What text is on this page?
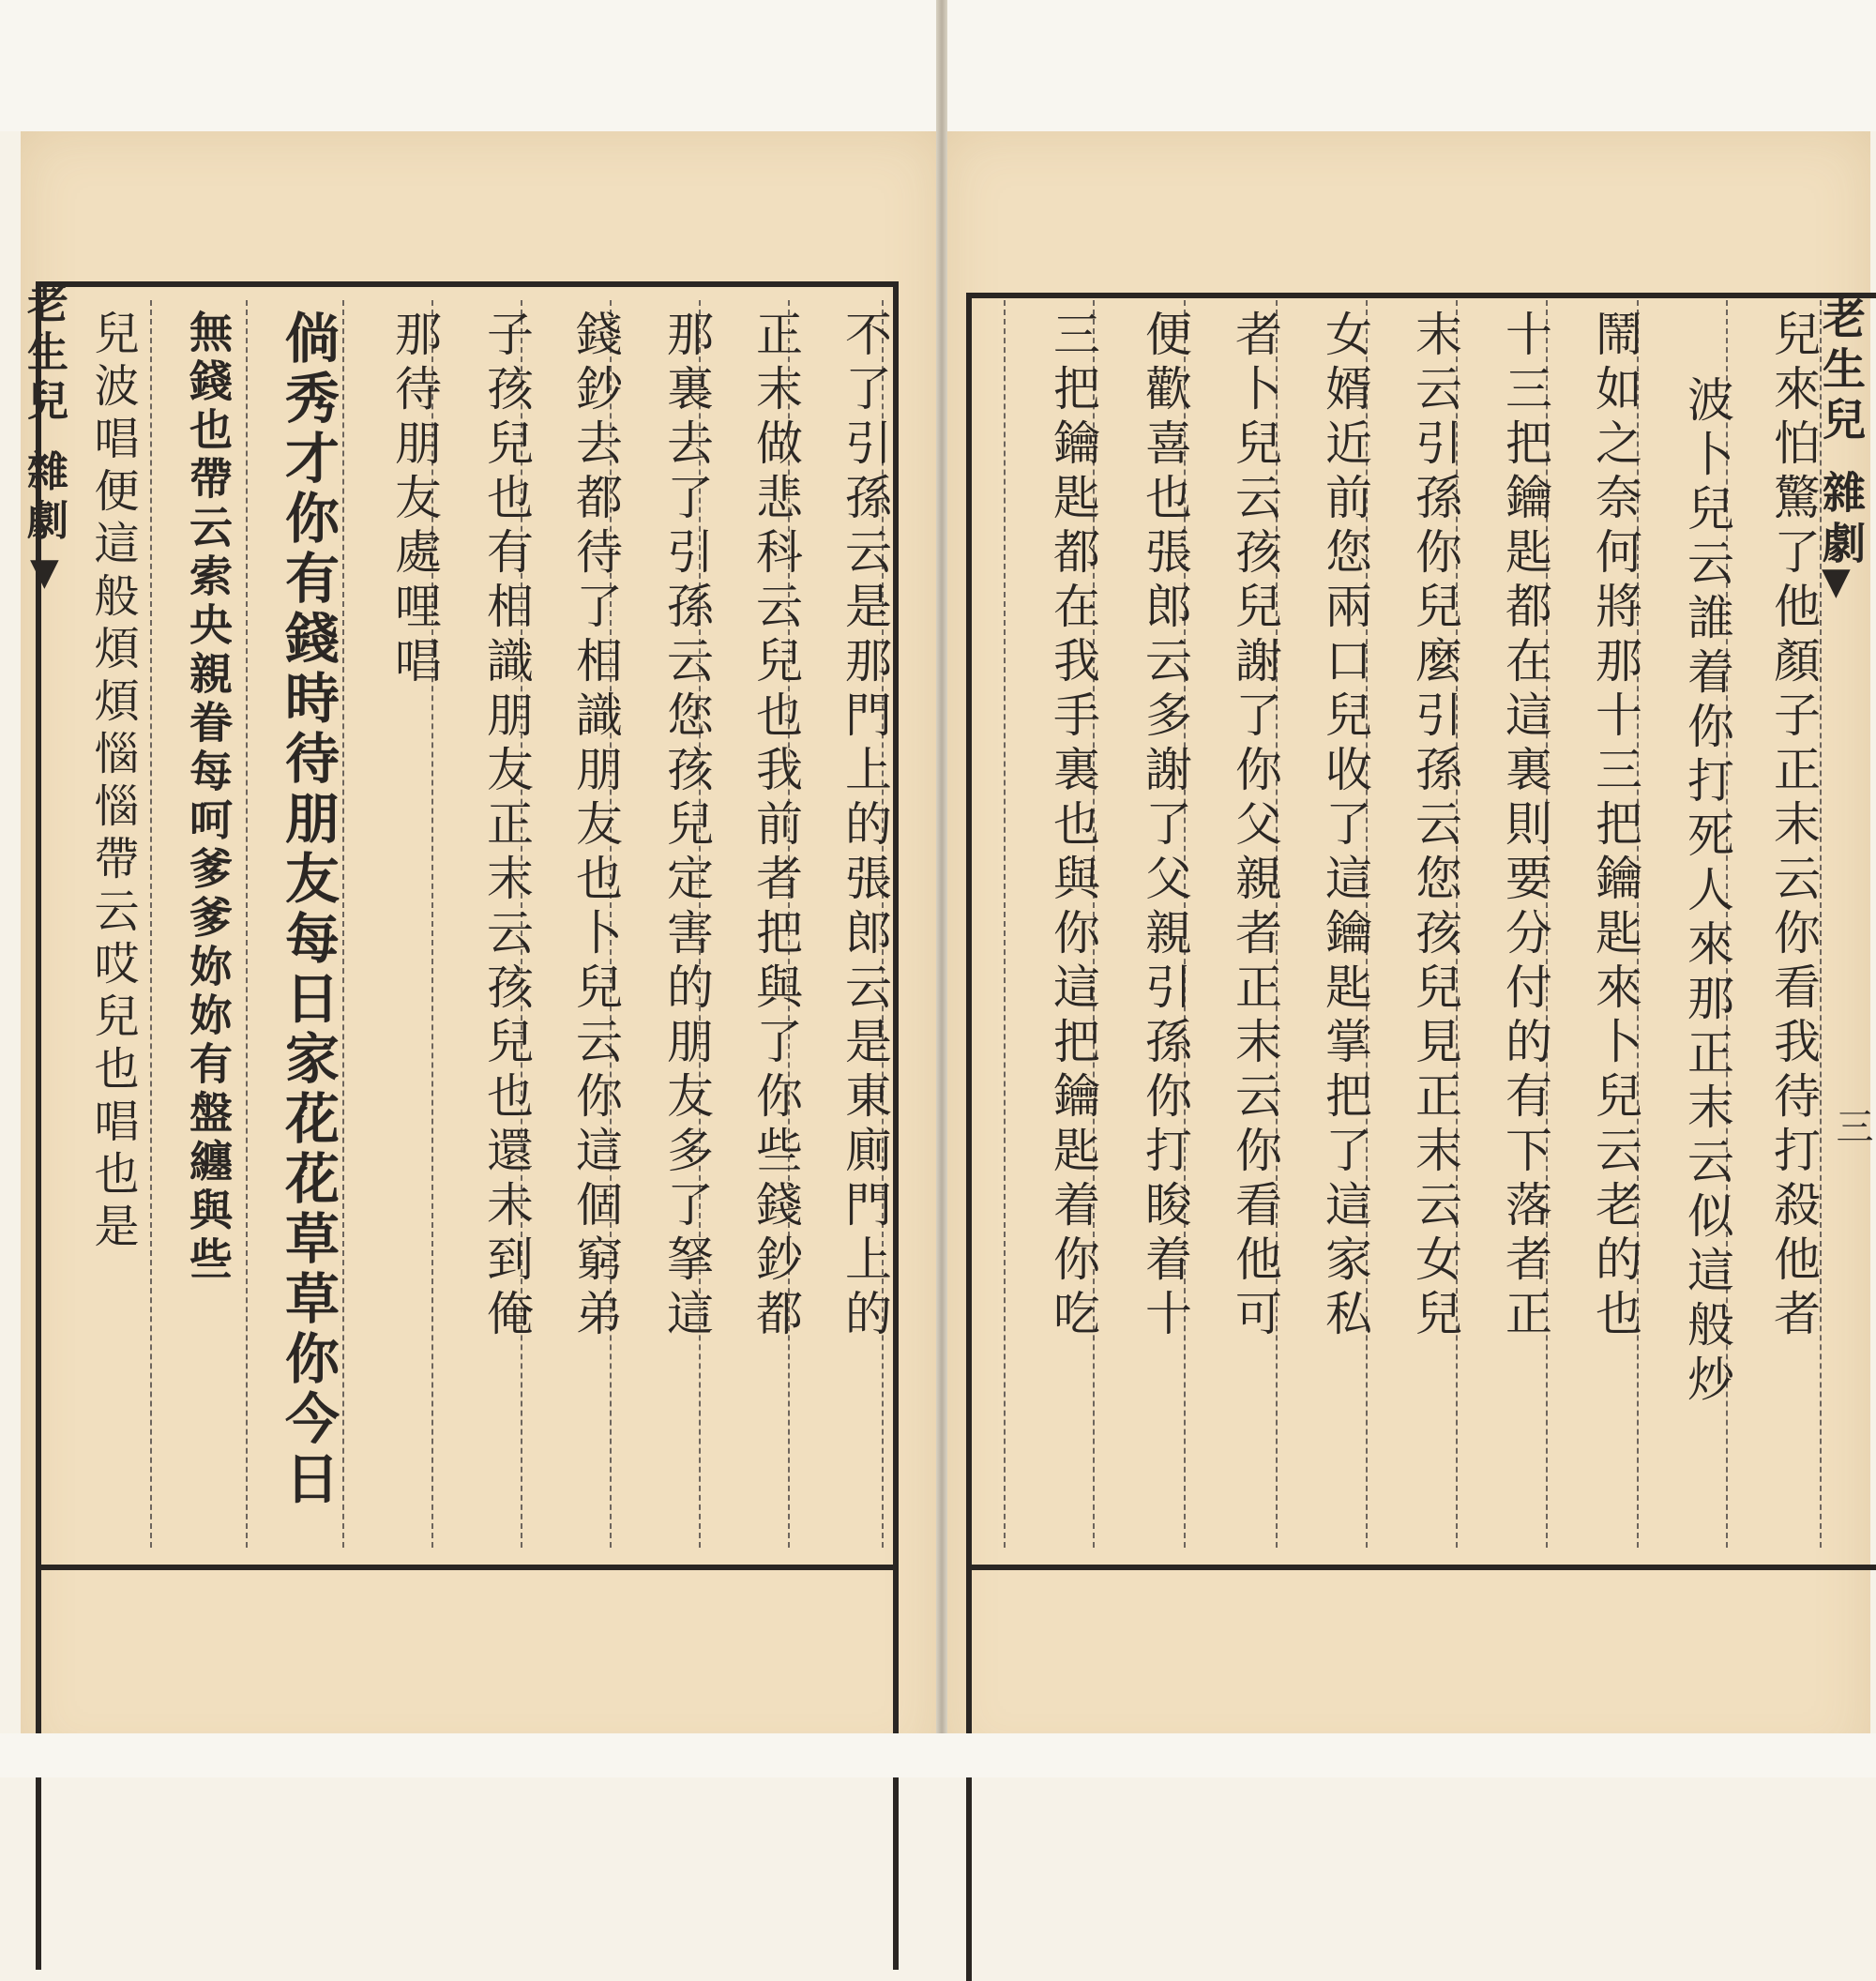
不了引孫云是那門上的張郎云是東廁門上的
正末做悲科云兒也我前者把與了你些錢鈔都
那裏去了引孫云您孩兒定害的朋友多了拏這
錢鈔去都待了相識朋友也卜兒云你這個窮弟
子孩兒也有相識朋友正末云孩兒也還未到俺
那待朋友處哩唱
倘秀才你有錢時待朋友每日家花花草草你今日
無錢也帶云索央親眷每呵爹爹妳妳有盤纏與些
兒波唱便這般煩煩惱惱帶云哎兒也唱也是
老生兒 雜劇
▼
老生兒 雜劇
▼
三
兒來怕驚了他顏子正末云你看我待打殺他者
波卜兒云誰着你打死人來那正末云似這般炒
鬧如之奈何將那十三把鑰匙來卜兒云老的也
十三把鑰匙都在這裏則要分付的有下落者正
末云引孫你兒麼引孫云您孩兒見正末云女兒
女婿近前您兩口兒收了這鑰匙掌把了這家私
者卜兒云孩兒謝了你父親者正末云你看他可
便歡喜也張郎云多謝了父親引孫你打睃着十
三把鑰匙都在我手裏也與你這把鑰匙着你吃
